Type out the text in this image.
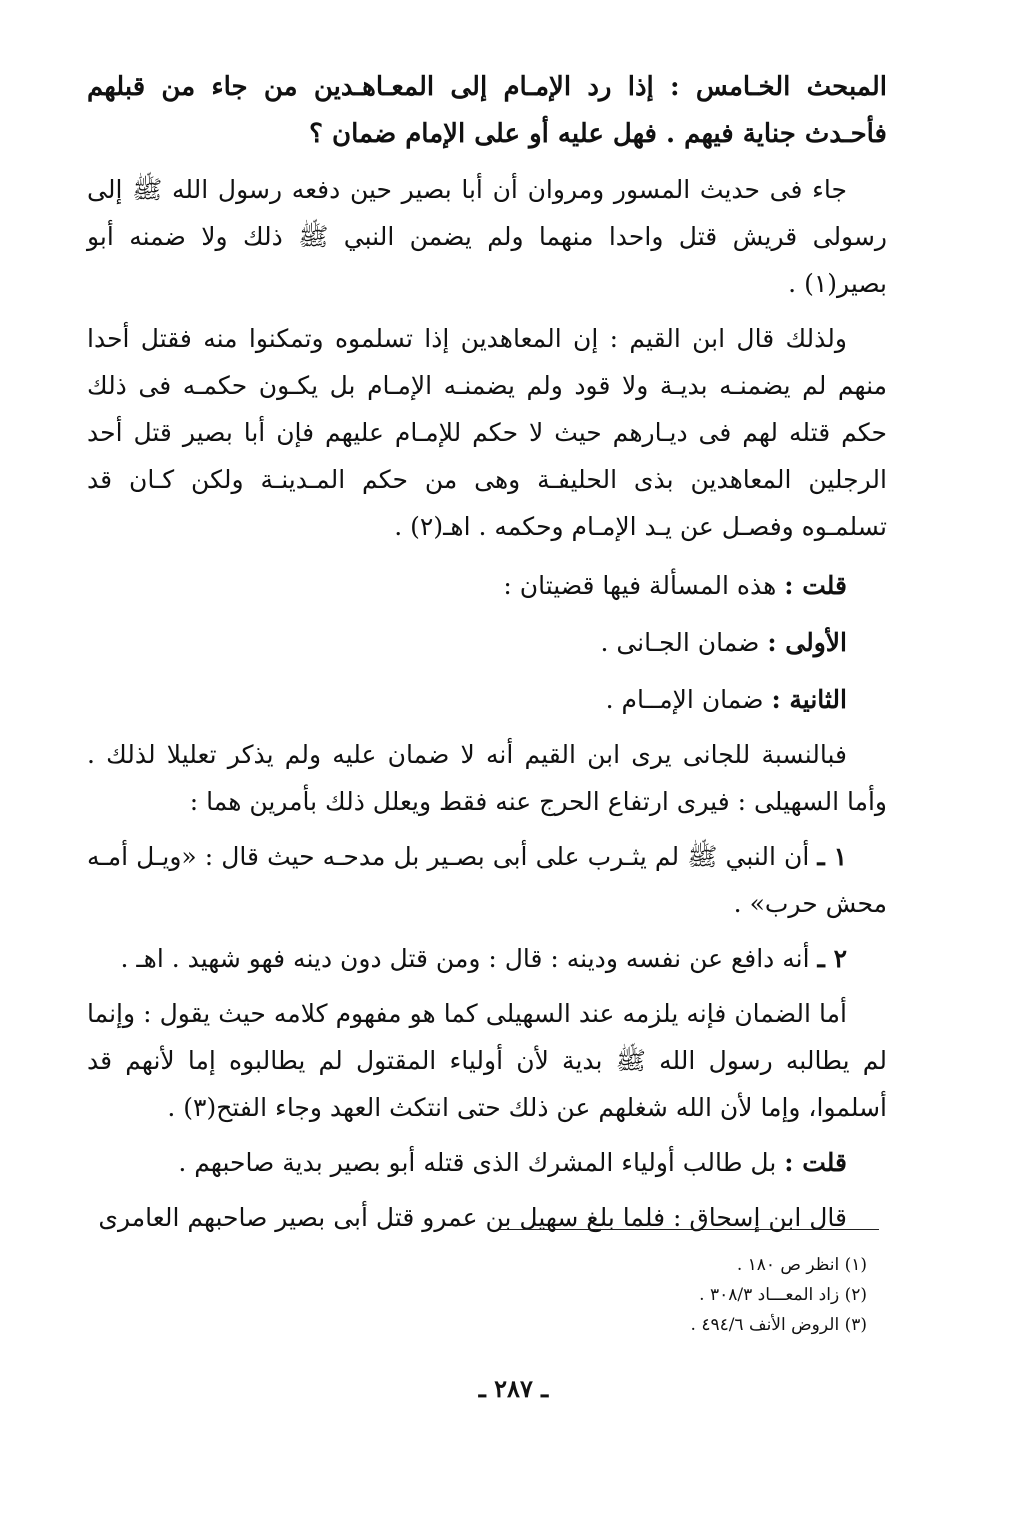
المبحث الخـامس : إذا رد الإمـام إلى المعـاهـدين من جاء من قبلهم فأحـدث جناية فيهم . فهل عليه أو على الإمام ضمان ؟

جاء فى حديث المسور ومروان أن أبا بصير حين دفعه رسول الله ﷺ إلى رسولى قريش قتل واحدا منهما ولم يضمن النبي ﷺ ذلك ولا ضمنه أبو بصير(١) .

ولذلك قال ابن القيم : إن المعاهدين إذا تسلموه وتمكنوا منه فقتل أحدا منهم لم يضمنـه بديـة ولا قود ولم يضمنـه الإمـام بل يكـون حكمـه فى ذلك حكم قتله لهم فى ديـارهم حيث لا حكم للإمـام عليهم فإن أبا بصير قتل أحد الرجلين المعاهدين بذى الحليفـة وهى من حكم المـدينـة ولكن كـان قد تسلمـوه وفصـل عن يـد الإمـام وحكمه . اهـ(٢) .

قلت : هذه المسألة فيها قضيتان :

الأولى : ضمان الجـانى .

الثانية : ضمان الإمــام .

فبالنسبة للجانى يرى ابن القيم أنه لا ضمان عليه ولم يذكر تعليلا لذلك . وأما السهيلى : فيرى ارتفاع الحرج عنه فقط ويعلل ذلك بأمرين هما :

١ ـ أن النبي ﷺ لم يثـرب على أبى بصـير بل مدحـه حيث قال : «ويـل أمـه محش حرب» .

٢ ـ أنه دافع عن نفسه ودينه : قال : ومن قتل دون دينه فهو شهيد . اهـ .

أما الضمان فإنه يلزمه عند السهيلى كما هو مفهوم كلامه حيث يقول : وإنما لم يطالبه رسول الله ﷺ بدية لأن أولياء المقتول لم يطالبوه إما لأنهم قد أسلموا، وإما لأن الله شغلهم عن ذلك حتى انتكث العهد وجاء الفتح(٣) .

قلت : بل طالب أولياء المشرك الذى قتله أبو بصير بدية صاحبهم .

قال ابن إسحاق : فلما بلغ سهيل بن عمرو قتل أبى بصير صاحبهم العامرى

(١) انظر ص ١٨٠ .

(٢) زاد المعـــاد ٣٠٨/٣ .

(٣) الروض الأنف ٤٩٤/٦ .

ـ ٢٨٧ ـ
